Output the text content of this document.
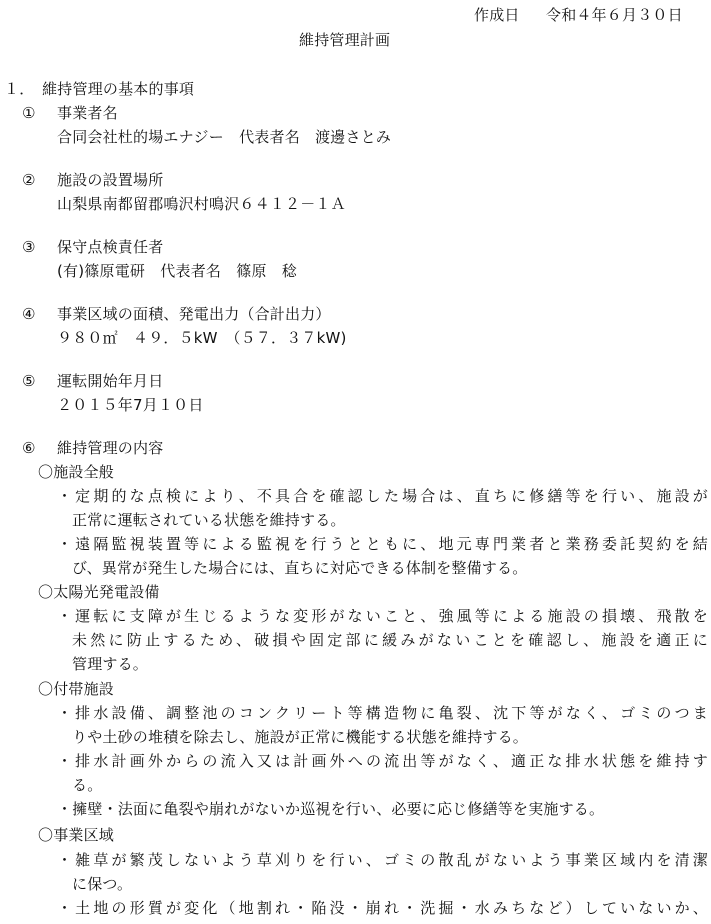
作成日 令和４年６月３０日
維持管理計画
１．　維持管理の基本的事項
① 事業者名
合同会社杜的場エナジー　代表者名　渡邊さとみ
② 施設の設置場所
山梨県南都留郡鳴沢村鳴沢６４１２－１Ａ
③ 保守点検責任者
(有)篠原電研　代表者名　篠原　稔
④ 事業区域の面積、発電出力（合計出力）
９８０㎡　４９．５kW　（５７．３７kW)
⑤ 運転開始年月日
２０１５年7月１０日
⑥ 維持管理の内容
〇施設全般
・定期的な点検により、不具合を確認した場合は、直ちに修繕等を行い、施設が
正常に運転されている状態を維持する。
・遠隔監視装置等による監視を行うとともに、地元専門業者と業務委託契約を結
び、異常が発生した場合には、直ちに対応できる体制を整備する。
〇太陽光発電設備
・運転に支障が生じるような変形がないこと、強風等による施設の損壊、飛散を
未然に防止するため、破損や固定部に緩みがないことを確認し、施設を適正に
管理する。
〇付帯施設
・排水設備、調整池のコンクリート等構造物に亀裂、沈下等がなく、ゴミのつま
りや土砂の堆積を除去し、施設が正常に機能する状態を維持する。
・排水計画外からの流入又は計画外への流出等がなく、適正な排水状態を維持す
る。
・擁壁・法面に亀裂や崩れがないか巡視を行い、必要に応じ修繕等を実施する。
〇事業区域
・雑草が繁茂しないよう草刈りを行い、ゴミの散乱がないよう事業区域内を清潔
に保つ。
・土地の形質が変化（地割れ・陥没・崩れ・洗掘・水みちなど）していないか、
